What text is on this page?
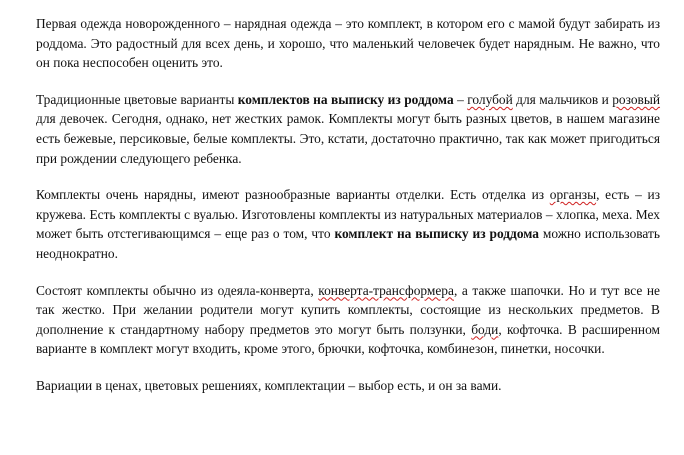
Первая одежда новорожденного – нарядная одежда – это комплект, в котором его с мамой будут забирать из роддома. Это радостный для всех день, и хорошо, что маленький человечек будет нарядным. Не важно, что он пока неспособен оценить это.

Традиционные цветовые варианты комплектов на выписку из роддома – голубой для мальчиков и розовый для девочек. Сегодня, однако, нет жестких рамок. Комплекты могут быть разных цветов, в нашем магазине есть бежевые, персиковые, белые комплекты. Это, кстати, достаточно практично, так как может пригодиться при рождении следующего ребенка.

Комплекты очень нарядны, имеют разнообразные варианты отделки. Есть отделка из органзы, есть – из кружева. Есть комплекты с вуалью. Изготовлены комплекты из натуральных материалов – хлопка, меха. Мех может быть отстегивающимся – еще раз о том, что комплект на выписку из роддома можно использовать неоднократно.

Состоят комплекты обычно из одеяла-конверта, конверта-трансформера, а также шапочки. Но и тут все не так жестко. При желании родители могут купить комплекты, состоящие из нескольких предметов. В дополнение к стандартному набору предметов это могут быть ползунки, боди, кофточка. В расширенном варианте в комплект могут входить, кроме этого, брючки, кофточка, комбинезон, пинетки, носочки.

Вариации в ценах, цветовых решениях, комплектации – выбор есть, и он за вами.
